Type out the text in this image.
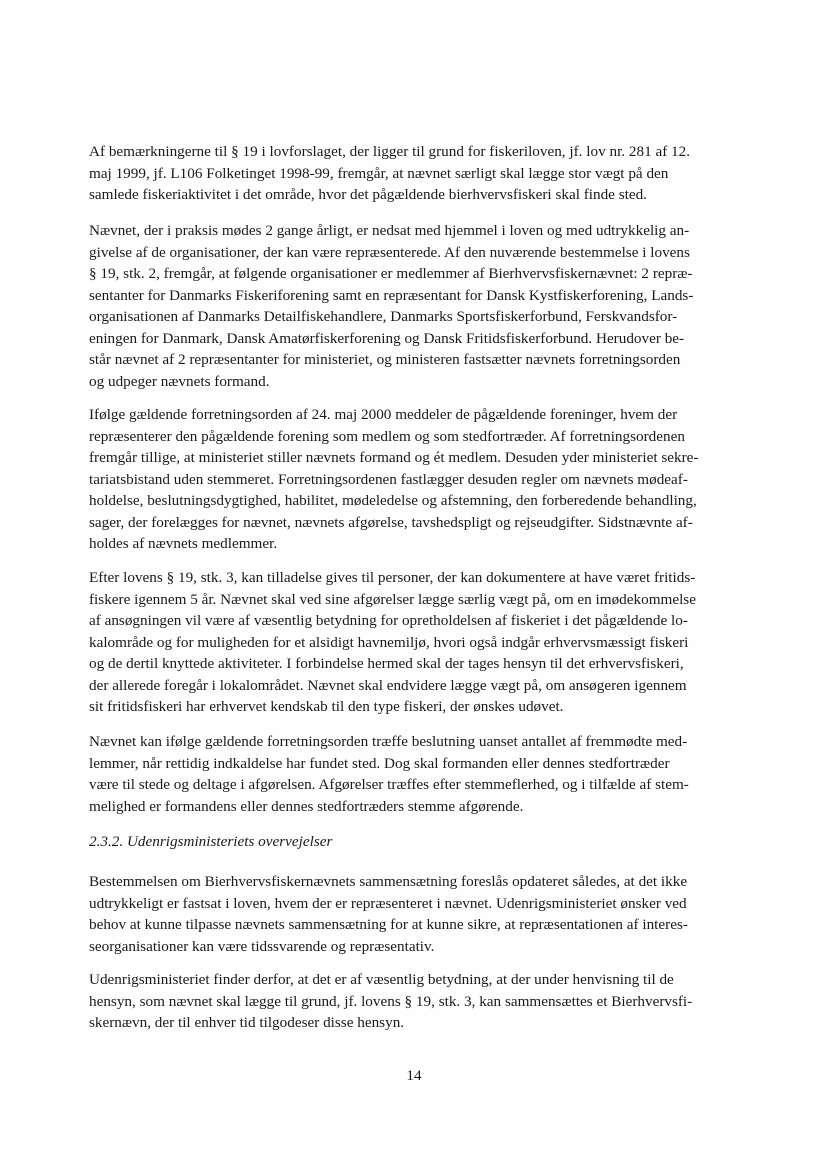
Af bemærkningerne til § 19 i lovforslaget, der ligger til grund for fiskeriloven, jf. lov nr. 281 af 12.
maj 1999, jf. L106 Folketinget 1998-99, fremgår, at nævnet særligt skal lægge stor vægt på den
samlede fiskeriaktivitet i det område, hvor det pågældende bierhvervsfiskeri skal finde sted.
Nævnet, der i praksis mødes 2 gange årligt, er nedsat med hjemmel i loven og med udtrykkelig an-
givelse af de organisationer, der kan være repræsenterede. Af den nuværende bestemmelse i lovens
§ 19, stk. 2, fremgår, at følgende organisationer er medlemmer af Bierhvervsfiskernævnet: 2 repræ-
sentanter for Danmarks Fiskeriforening samt en repræsentant for Dansk Kystfiskerforening, Lands-
organisationen af Danmarks Detailfiskehandlere, Danmarks Sportsfiskerforbund, Ferskvandsfor-
eningen for Danmark, Dansk Amatørfiskerforening og Dansk Fritidsfiskerforbund. Herudover be-
står nævnet af 2 repræsentanter for ministeriet, og ministeren fastsætter nævnets forretningsorden
og udpeger nævnets formand.
Ifølge gældende forretningsorden af 24. maj 2000 meddeler de pågældende foreninger, hvem der
repræsenterer den pågældende forening som medlem og som stedfortræder. Af forretningsordenen
fremgår tillige, at ministeriet stiller nævnets formand og ét medlem. Desuden yder ministeriet sekre-
tariatsbistand uden stemmeret. Forretningsordenen fastlægger desuden regler om nævnets mødeaf-
holdelse, beslutningsdygtighed, habilitet, mødeledelse og afstemning, den forberedende behandling,
sager, der forelægges for nævnet, nævnets afgørelse, tavshedspligt og rejseudgifter. Sidstnævnte af-
holdes af nævnets medlemmer.
Efter lovens § 19, stk. 3, kan tilladelse gives til personer, der kan dokumentere at have været fritids-
fiskere igennem 5 år. Nævnet skal ved sine afgørelser lægge særlig vægt på, om en imødekommelse
af ansøgningen vil være af væsentlig betydning for opretholdelsen af fiskeriet i det pågældende lo-
kalområde og for muligheden for et alsidigt havnemiljø, hvori også indgår erhvervsmæssigt fiskeri
og de dertil knyttede aktiviteter. I forbindelse hermed skal der tages hensyn til det erhvervsfiskeri,
der allerede foregår i lokalområdet. Nævnet skal endvidere lægge vægt på, om ansøgeren igennem
sit fritidsfiskeri har erhvervet kendskab til den type fiskeri, der ønskes udøvet.
Nævnet kan ifølge gældende forretningsorden træffe beslutning uanset antallet af fremmødte med-
lemmer, når rettidig indkaldelse har fundet sted. Dog skal formanden eller dennes stedfortræder
være til stede og deltage i afgørelsen. Afgørelser træffes efter stemmeflerhed, og i tilfælde af stem-
melighed er formandens eller dennes stedfortræders stemme afgørende.
2.3.2. Udenrigsministeriets overvejelser
Bestemmelsen om Bierhvervsfiskernævnets sammensætning foreslås opdateret således, at det ikke
udtrykkeligt er fastsat i loven, hvem der er repræsenteret i nævnet. Udenrigsministeriet ønsker ved
behov at kunne tilpasse nævnets sammensætning for at kunne sikre, at repræsentationen af interes-
seorganisationer kan være tidssvarende og repræsentativ.
Udenrigsministeriet finder derfor, at det er af væsentlig betydning, at der under henvisning til de
hensyn, som nævnet skal lægge til grund, jf. lovens § 19, stk. 3, kan sammensættes et Bierhvervsfi-
skernævn, der til enhver tid tilgodeser disse hensyn.
14
